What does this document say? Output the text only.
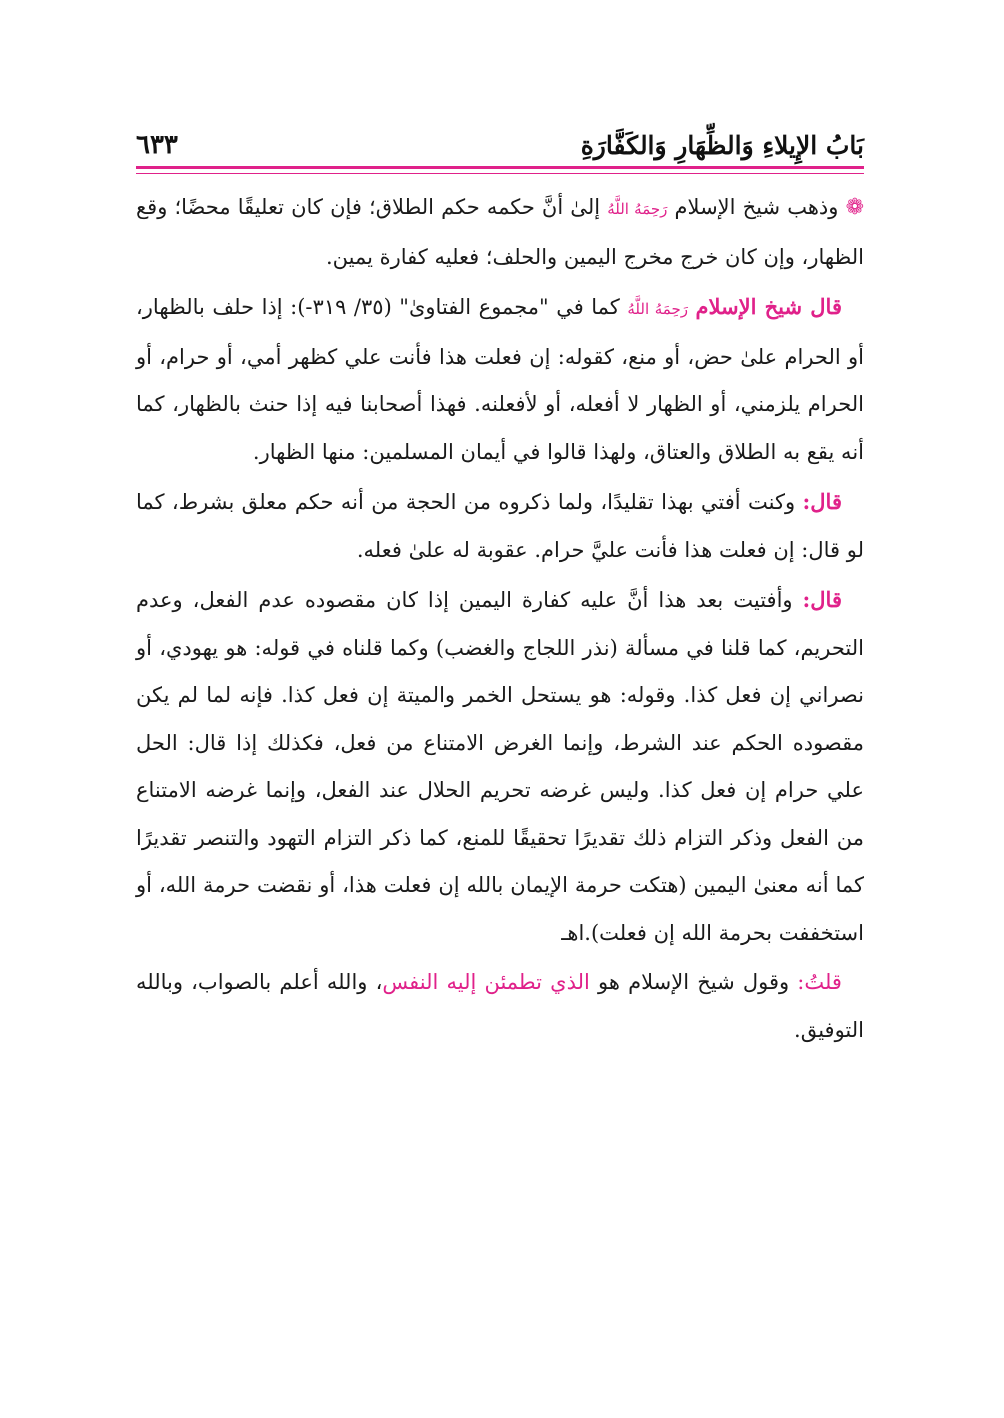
بَابُ الإِيلاءِ وَالظِّهَارِ وَالكَفَّارَةِ
٦٣٣

❁ وذهب شيخ الإسلام رَحِمَهُ اللَّهُ إلىٰ أنَّ حكمه حكم الطلاق؛ فإن كان تعليقًا محضًا؛ وقع الظهار، وإن كان خرج مخرج اليمين والحلف؛ فعليه كفارة يمين.

قال شيخ الإسلام رَحِمَهُ اللَّهُ كما في "مجموع الفتاوىٰ" (٣٥/ ٣١٩-): إذا حلف بالظهار، أو الحرام علىٰ حض، أو منع، كقوله: إن فعلت هذا فأنت علي كظهر أمي، أو حرام، أو الحرام يلزمني، أو الظهار لا أفعله، أو لأفعلنه. فهذا أصحابنا فيه إذا حنث بالظهار، كما أنه يقع به الطلاق والعتاق، ولهذا قالوا في أيمان المسلمين: منها الظهار.

قال: وكنت أفتي بهذا تقليدًا، ولما ذكروه من الحجة من أنه حكم معلق بشرط، كما لو قال: إن فعلت هذا فأنت عليَّ حرام. عقوبة له علىٰ فعله.

قال: وأفتيت بعد هذا أنَّ عليه كفارة اليمين إذا كان مقصوده عدم الفعل، وعدم التحريم، كما قلنا في مسألة (نذر اللجاج والغضب) وكما قلناه في قوله: هو يهودي، أو نصراني إن فعل كذا. وقوله: هو يستحل الخمر والميتة إن فعل كذا. فإنه لما لم يكن مقصوده الحكم عند الشرط، وإنما الغرض الامتناع من فعل، فكذلك إذا قال: الحل علي حرام إن فعل كذا. وليس غرضه تحريم الحلال عند الفعل، وإنما غرضه الامتناع من الفعل وذكر التزام ذلك تقديرًا تحقيقًا للمنع، كما ذكر التزام التهود والتنصر تقديرًا كما أنه معنىٰ اليمين (هتكت حرمة الإيمان بالله إن فعلت هذا، أو نقضت حرمة الله، أو استخففت بحرمة الله إن فعلت).اهـ

قلتُ: وقول شيخ الإسلام هو الذي تطمئن إليه النفس، والله أعلم بالصواب، وبالله التوفيق.
